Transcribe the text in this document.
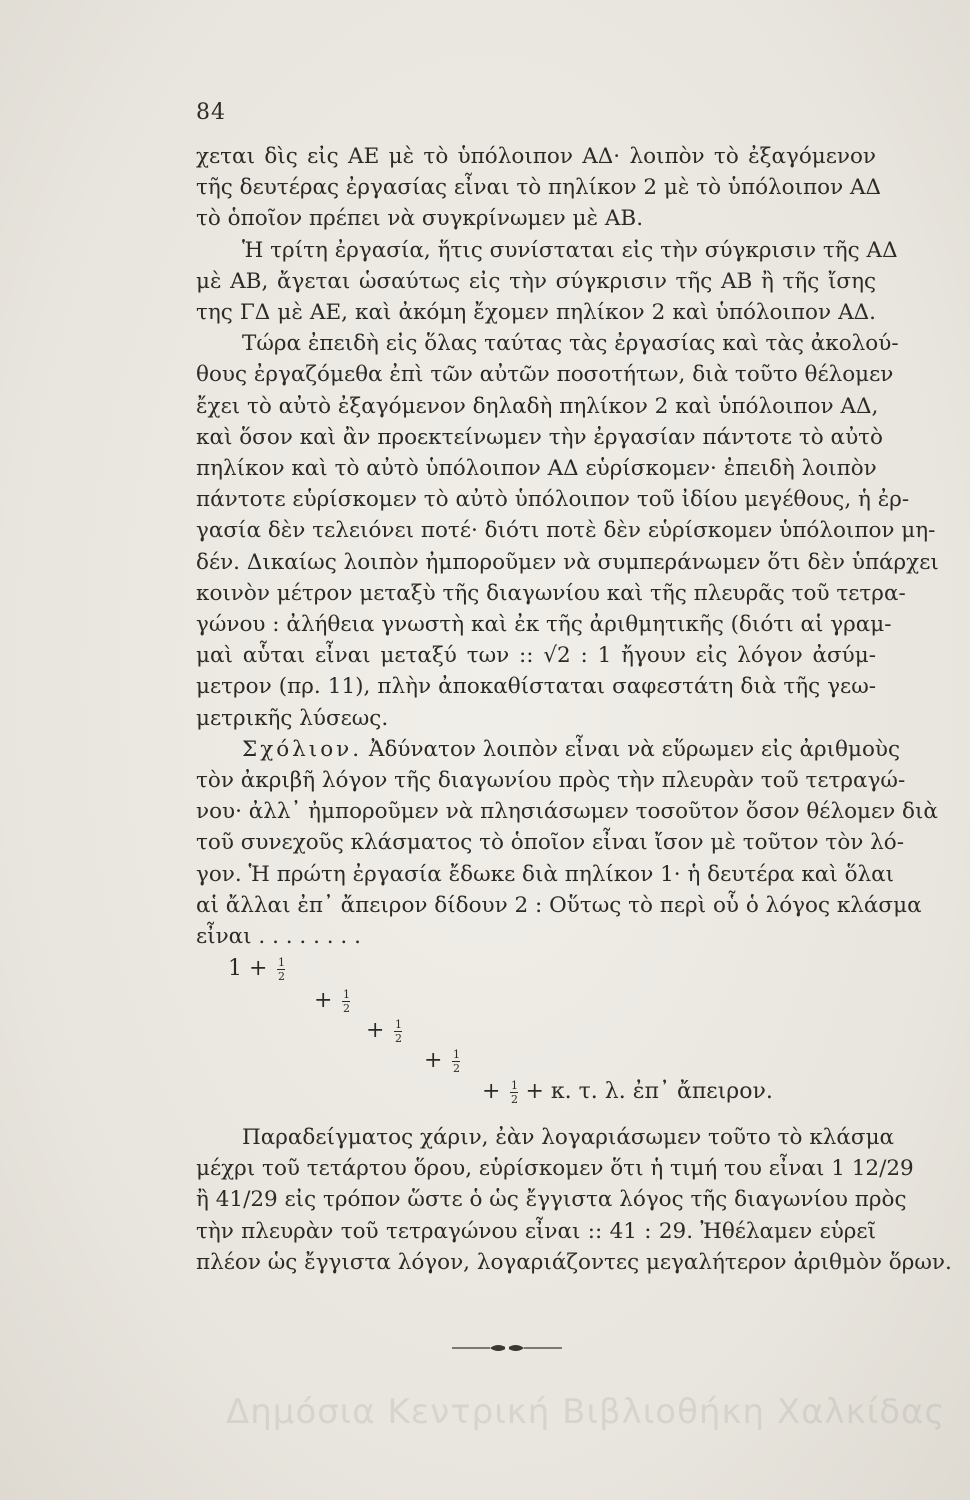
84
χεται δὶς εἰς ΑΕ μὲ τὸ ὑπόλοιπον ΑΔ· λοιπὸν τὸ ἐξαγόμενον
τῆς δευτέρας ἐργασίας εἶναι τὸ πηλίκον 2 μὲ τὸ ὑπόλοιπον ΑΔ
τὸ ὁποῖον πρέπει νὰ συγκρίνωμεν μὲ ΑΒ.
Ἡ τρίτη ἐργασία, ἥτις συνίσταται εἰς τὴν σύγκρισιν τῆς ΑΔ
μὲ ΑΒ, ἄγεται ὡσαύτως εἰς τὴν σύγκρισιν τῆς ΑΒ ἢ τῆς ἴσης
της ΓΔ μὲ ΑΕ, καὶ ἀκόμη ἔχομεν πηλίκον 2 καὶ ὑπόλοιπον ΑΔ.
Τώρα ἐπειδὴ εἰς ὅλας ταύτας τὰς ἐργασίας καὶ τὰς ἀκολού-
θους ἐργαζόμεθα ἐπὶ τῶν αὐτῶν ποσοτήτων, διὰ τοῦτο θέλομεν
ἔχει τὸ αὐτὸ ἐξαγόμενον δηλαδὴ πηλίκον 2 καὶ ὑπόλοιπον ΑΔ,
καὶ ὅσον καὶ ἂν προεκτείνωμεν τὴν ἐργασίαν πάντοτε τὸ αὐτὸ
πηλίκον καὶ τὸ αὐτὸ ὑπόλοιπον ΑΔ εὑρίσκομεν· ἐπειδὴ λοιπὸν
πάντοτε εὑρίσκομεν τὸ αὐτὸ ὑπόλοιπον τοῦ ἰδίου μεγέθους, ἡ ἐρ-
γασία δὲν τελειόνει ποτέ· διότι ποτὲ δὲν εὑρίσκομεν ὑπόλοιπον μη-
δέν. Δικαίως λοιπὸν ἠμποροῦμεν νὰ συμπεράνωμεν ὅτι δὲν ὑπάρχει
κοινὸν μέτρον μεταξὺ τῆς διαγωνίου καὶ τῆς πλευρᾶς τοῦ τετρα-
γώνου : ἀλήθεια γνωστὴ καὶ ἐκ τῆς ἀριθμητικῆς (διότι αἱ γραμ-
μαὶ αὗται εἶναι μεταξύ των :: √2 : 1 ἤγουν εἰς λόγον ἀσύμ-
μετρον (πρ. 11), πλὴν ἀποκαθίσταται σαφεστάτη διὰ τῆς γεω-
μετρικῆς λύσεως.
Σχόλιον. Ἀδύνατον λοιπὸν εἶναι νὰ εὕρωμεν εἰς ἀριθμοὺς
τὸν ἀκριβῆ λόγον τῆς διαγωνίου πρὸς τὴν πλευρὰν τοῦ τετραγώ-
νου· ἀλλ᾽ ἠμποροῦμεν νὰ πλησιάσωμεν τοσοῦτον ὅσον θέλομεν διὰ
τοῦ συνεχοῦς κλάσματος τὸ ὁποῖον εἶναι ἴσον μὲ τοῦτον τὸν λό-
γον. Ἡ πρώτη ἐργασία ἔδωκε διὰ πηλίκον 1· ἡ δευτέρα καὶ ὅλαι
αἱ ἄλλαι ἐπ᾽ ἄπειρον δίδουν 2 : Οὕτως τὸ περὶ οὗ ὁ λόγος κλάσμα
εἶναι . . . . . . . .
$1 + \frac{1}{2}$
+ $\frac{1}{2}$
+ $\frac{1}{2}$
+ $\frac{1}{2}$
+ $\frac{1}{2} + \kappa$. τ. λ. ἐπ᾽ ἄπειρον.
Παραδείγματος χάριν, ἐὰν λογαριάσωμεν τοῦτο τὸ κλάσμα
μέχρι τοῦ τετάρτου ὅρου, εὑρίσκομεν ὅτι ἡ τιμή του εἶναι 1 12/29
ἢ 41/29 εἰς τρόπον ὥστε ὁ ὡς ἔγγιστα λόγος τῆς διαγωνίου πρὸς
τὴν πλευρὰν τοῦ τετραγώνου εἶναι :: 41 : 29. Ἠθέλαμεν εὑρεῖ
πλέον ὡς ἔγγιστα λόγον, λογαριάζοντες μεγαλήτερον ἀριθμὸν ὅρων.
Δημόσια Κεντρική Βιβλιοθήκη Χαλκίδας
